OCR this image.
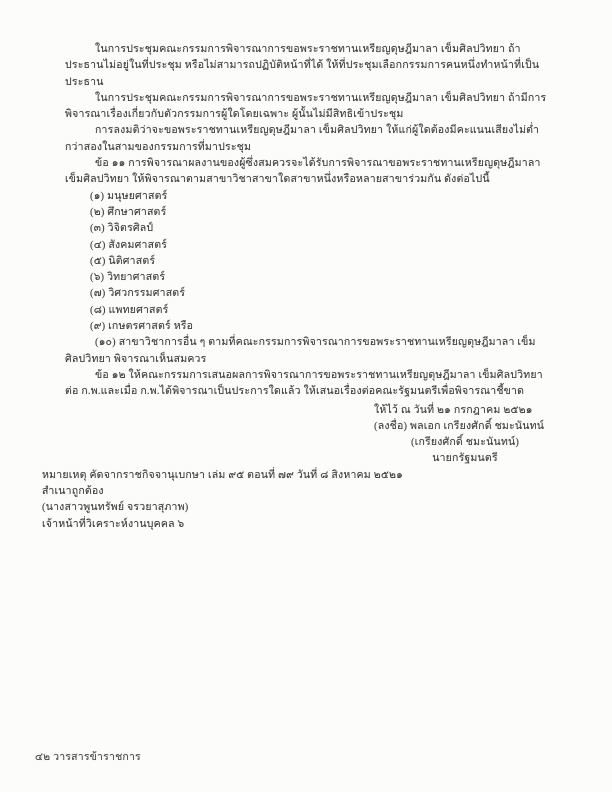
ในการประชุมคณะกรรมการพิจารณาการขอพระราชทานเหรียญดุษฎีมาลา เข็มศิลปวิทยา ถ้าประธานไม่อยู่ในที่ประชุม หรือไม่สามารถปฏิบัติหน้าที่ได้ ให้ที่ประชุมเลือกกรรมการคนหนึ่งทำหน้าที่เป็นประธาน

ในการประชุมคณะกรรมการพิจารณาการขอพระราชทานเหรียญดุษฎีมาลา เข็มศิลปวิทยา ถ้ามีการพิจารณาเรื่องเกี่ยวกับตัวกรรมการผู้ใดโดยเฉพาะ ผู้นั้นไม่มีสิทธิเข้าประชุม

การลงมติว่าจะขอพระราชทานเหรียญดุษฎีมาลา เข็มศิลปวิทยา ให้แก่ผู้ใดต้องมีคะแนนเสียงไม่ต่ำกว่าสองในสามของกรรมการที่มาประชุม

ข้อ ๑๑ การพิจารณาผลงานของผู้ซึ่งสมควรจะได้รับการพิจารณาขอพระราชทานเหรียญดุษฎีมาลา เข็มศิลปวิทยา ให้พิจารณาตามสาขาวิชาสาขาใดสาขาหนึ่งหรือหลายสาขาร่วมกัน ดังต่อไปนี้

(๑) มนุษยศาสตร์
(๒) ศึกษาศาสตร์
(๓) วิจิตรศิลป์
(๔) สังคมศาสตร์
(๕) นิติศาสตร์
(๖) วิทยาศาสตร์
(๗) วิศวกรรมศาสตร์
(๘) แพทยศาสตร์
(๙) เกษตรศาสตร์ หรือ

(๑๐) สาขาวิชาการอื่น ๆ ตามที่คณะกรรมการพิจารณาการขอพระราชทานเหรียญดุษฎีมาลา เข็มศิลปวิทยา พิจารณาเห็นสมควร

ข้อ ๑๒ ให้คณะกรรมการเสนอผลการพิจารณาการขอพระราชทานเหรียญดุษฎีมาลา เข็มศิลปวิทยา ต่อ ก.พ.และเมื่อ ก.พ.ได้พิจารณาเป็นประการใดแล้ว ให้เสนอเรื่องต่อคณะรัฐมนตรีเพื่อพิจารณาชี้ขาด

ให้ไว้ ณ วันที่ ๒๑ กรกฎาคม ๒๕๒๑

(ลงชื่อ) พลเอก เกรียงศักดิ์ ชมะนันทน์

(เกรียงศักดิ์ ชมะนันทน์)

นายกรัฐมนตรี

หมายเหตุ คัดจากราชกิจจานุเบกษา เล่ม ๙๕ ตอนที่ ๗๙ วันที่ ๘ สิงหาคม ๒๕๒๑

สำเนาถูกต้อง

(นางสาวพูนทรัพย์ จรวยาสุภาพ)

เจ้าหน้าที่วิเคราะห์งานบุคคล ๖

๔๒ วารสารข้าราชการ
